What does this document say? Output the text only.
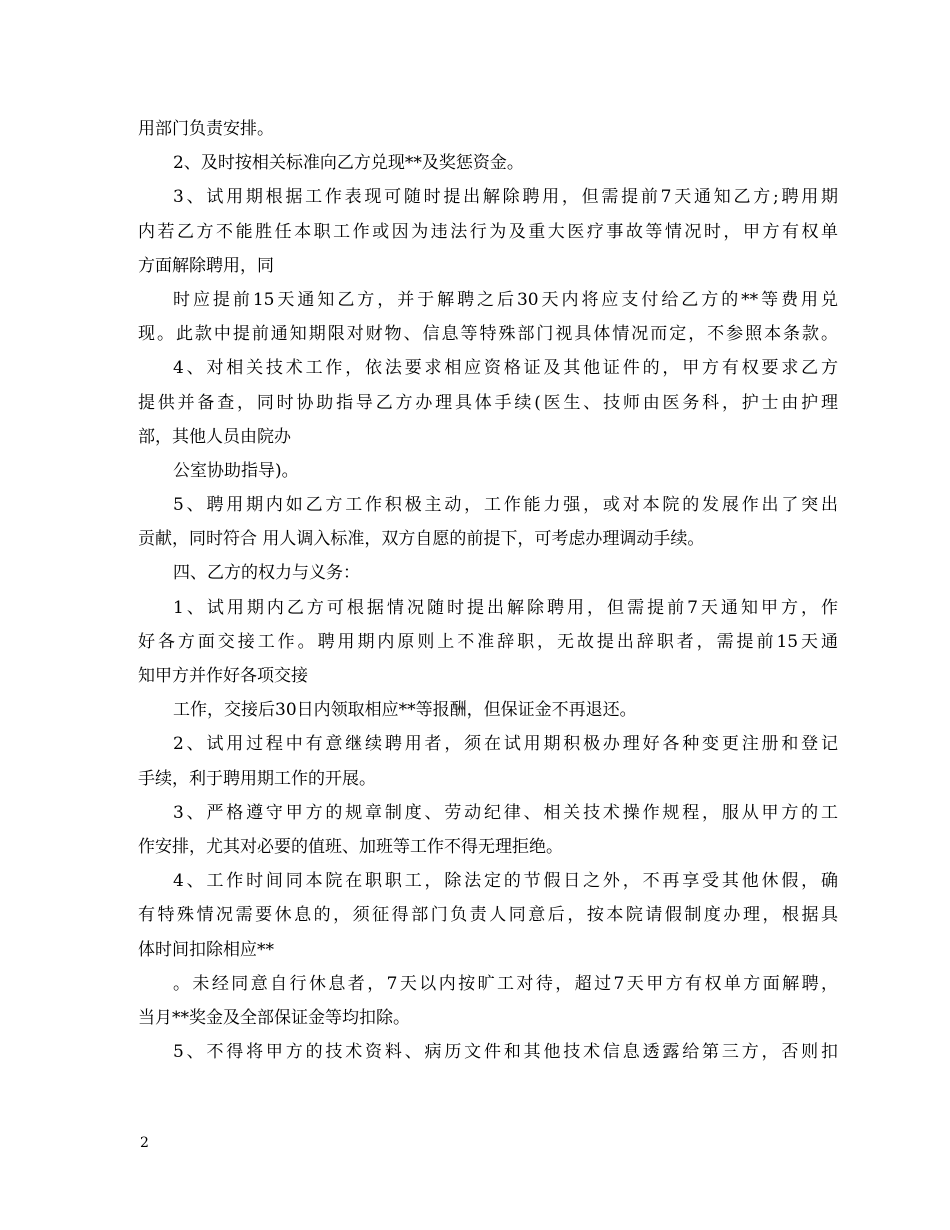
用部门负责安排。
2、及时按相关标准向乙方兑现**及奖惩资金。
3、试用期根据工作表现可随时提出解除聘用，但需提前7天通知乙方;聘用期
内若乙方不能胜任本职工作或因为违法行为及重大医疗事故等情况时，甲方有权单
方面解除聘用，同
时应提前15天通知乙方，并于解聘之后30天内将应支付给乙方的**等费用兑
现。此款中提前通知期限对财物、信息等特殊部门视具体情况而定，不参照本条款。
4、对相关技术工作，依法要求相应资格证及其他证件的，甲方有权要求乙方
提供并备查，同时协助指导乙方办理具体手续(医生、技师由医务科，护士由护理
部，其他人员由院办
公室协助指导)。
5、聘用期内如乙方工作积极主动，工作能力强，或对本院的发展作出了突出
贡献，同时符合 用人调入标准，双方自愿的前提下，可考虑办理调动手续。
四、乙方的权力与义务：
1、试用期内乙方可根据情况随时提出解除聘用，但需提前7天通知甲方，作
好各方面交接工作。聘用期内原则上不准辞职，无故提出辞职者，需提前15天通
知甲方并作好各项交接
工作，交接后30日内领取相应**等报酬，但保证金不再退还。
2、试用过程中有意继续聘用者，须在试用期积极办理好各种变更注册和登记
手续，利于聘用期工作的开展。
3、严格遵守甲方的规章制度、劳动纪律、相关技术操作规程，服从甲方的工
作安排，尤其对必要的值班、加班等工作不得无理拒绝。
4、工作时间同本院在职职工，除法定的节假日之外，不再享受其他休假，确
有特殊情况需要休息的，须征得部门负责人同意后，按本院请假制度办理，根据具
体时间扣除相应**
。未经同意自行休息者，7天以内按旷工对待，超过7天甲方有权单方面解聘，
当月**奖金及全部保证金等均扣除。
5、不得将甲方的技术资料、病历文件和其他技术信息透露给第三方，否则扣
2
